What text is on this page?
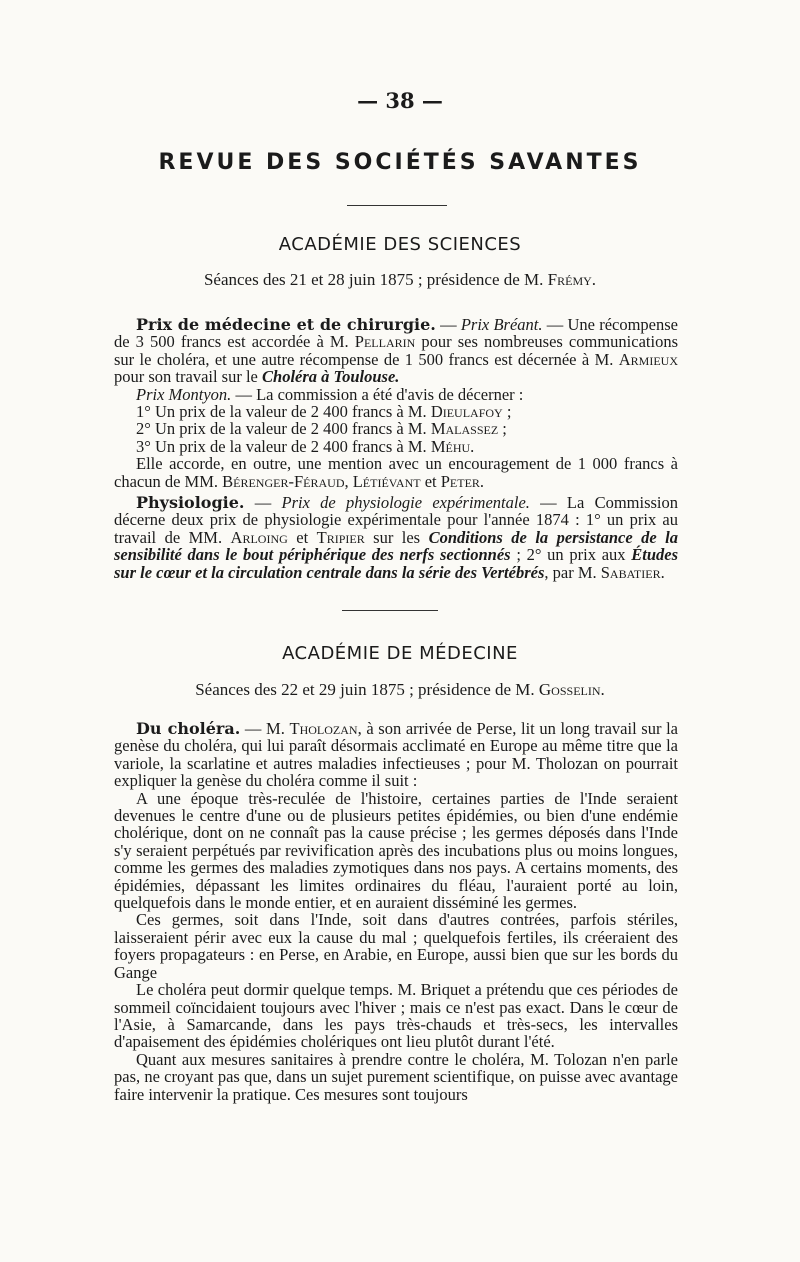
— 38 —
REVUE DES SOCIÉTÉS SAVANTES
ACADÉMIE DES SCIENCES
Séances des 21 et 28 juin 1875 ; présidence de M. Frémy.

Prix de médecine et de chirurgie. — Prix Bréant. — Une récompense de 3 500 francs est accordée à M. Pellarin pour ses nombreuses communications sur le choléra, et une autre récompense de 1 500 francs est décernée à M. Armieux pour son travail sur le Choléra à Toulouse.

Prix Montyon. — La commission a été d'avis de décerner :

1° Un prix de la valeur de 2 400 francs à M. Dieulafoy ;

2° Un prix de la valeur de 2 400 francs à M. Malassez ;

3° Un prix de la valeur de 2 400 francs à M. Méhu.

Elle accorde, en outre, une mention avec un encouragement de 1 000 francs à chacun de MM. Bérenger-Féraud, Létiévant et Peter.

Physiologie. — Prix de physiologie expérimentale. — La Commission décerne deux prix de physiologie expérimentale pour l'année 1874 : 1° un prix au travail de MM. Arloing et Tripier sur les Conditions de la persistance de la sensibilité dans le bout périphérique des nerfs sectionnés ; 2° un prix aux Études sur le cœur et la circulation centrale dans la série des Vertébrés, par M. Sabatier.

ACADÉMIE DE MÉDECINE
Séances des 22 et 29 juin 1875 ; présidence de M. Gosselin.

Du choléra. — M. Tholozan, à son arrivée de Perse, lit un long travail sur la genèse du choléra, qui lui paraît désormais acclimaté en Europe au même titre que la variole, la scarlatine et autres maladies infectieuses ; pour M. Tholozan on pourrait expliquer la genèse du choléra comme il suit :

A une époque très-reculée de l'histoire, certaines parties de l'Inde seraient devenues le centre d'une ou de plusieurs petites épidémies, ou bien d'une endémie cholérique, dont on ne connaît pas la cause précise ; les germes déposés dans l'Inde s'y seraient perpétués par revivification après des incubations plus ou moins longues, comme les germes des maladies zymotiques dans nos pays. A certains moments, des épidémies, dépassant les limites ordinaires du fléau, l'auraient porté au loin, quelquefois dans le monde entier, et en auraient disséminé les germes.

Ces germes, soit dans l'Inde, soit dans d'autres contrées, parfois stériles, laisseraient périr avec eux la cause du mal ; quelquefois fertiles, ils créeraient des foyers propagateurs : en Perse, en Arabie, en Europe, aussi bien que sur les bords du Gange

Le choléra peut dormir quelque temps. M. Briquet a prétendu que ces périodes de sommeil coïncidaient toujours avec l'hiver ; mais ce n'est pas exact. Dans le cœur de l'Asie, à Samarcande, dans les pays très-chauds et très-secs, les intervalles d'apaisement des épidémies cholériques ont lieu plutôt durant l'été.

Quant aux mesures sanitaires à prendre contre le choléra, M. Tolozan n'en parle pas, ne croyant pas que, dans un sujet purement scientifique, on puisse avec avantage faire intervenir la pratique. Ces mesures sont toujours
